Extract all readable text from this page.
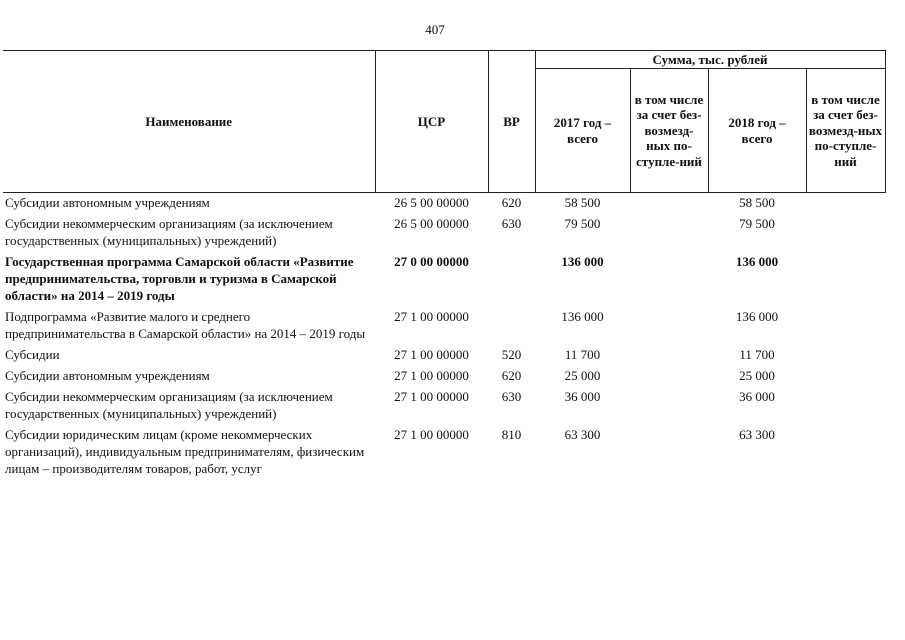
407
Наименование	ЦСР	ВР	Сумма, тыс. рублей			
			2017 год – всего	в том числе за счет без-возмезд-ных по-ступле-ний	2018 год – всего	в том числе за счет без-возмезд-ных по-ступле-ний
Субсидии автономным учреждениям	26 5 00 00000	620	58 500		58 500	
Субсидии некоммерческим организациям (за исключением государственных (муниципальных) учреждений)	26 5 00 00000	630	79 500		79 500	
Государственная программа Самарской области «Развитие предпринимательства, торговли и туризма в Самарской области» на 2014 – 2019 годы	27 0 00 00000		136 000		136 000	
Подпрограмма «Развитие малого и среднего предпринимательства в Самарской области» на 2014 – 2019 годы	27 1 00 00000		136 000		136 000	
Субсидии	27 1 00 00000	520	11 700		11 700	
Субсидии автономным учреждениям	27 1 00 00000	620	25 000		25 000	
Субсидии некоммерческим организациям (за исключением государственных (муниципальных) учреждений)	27 1 00 00000	630	36 000		36 000	
Субсидии юридическим лицам (кроме некоммерческих организаций), индивидуальным предпринимателям, физическим лицам – производителям товаров, работ, услуг	27 1 00 00000	810	63 300		63 300	
